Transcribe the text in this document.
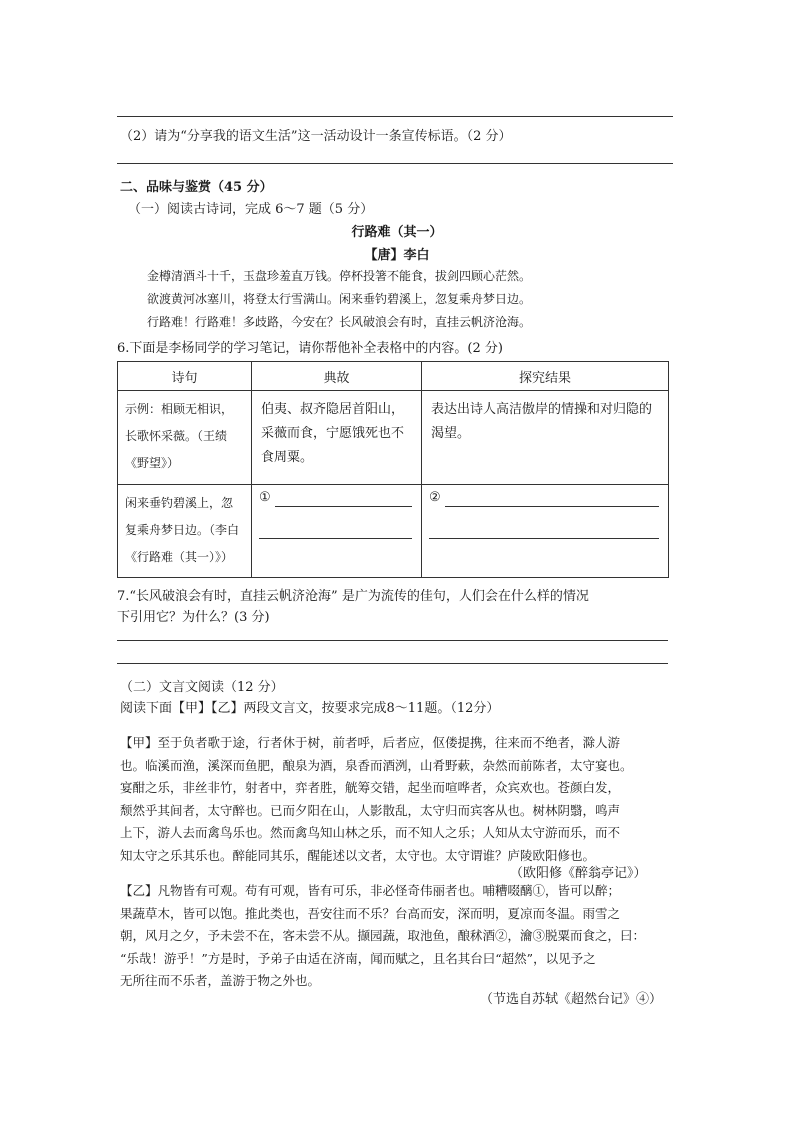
（2）请为“分享我的语文生活”这一活动设计一条宣传标语。（2 分）
二、品味与鉴赏（45 分）
（一）阅读古诗词，完成 6～7 题（5 分）
行路难（其一）
【唐】李白
金樽清酒斗十千，玉盘珍羞直万钱。停杯投箸不能食，拔剑四顾心茫然。
欲渡黄河冰塞川，将登太行雪满山。闲来垂钓碧溪上，忽复乘舟梦日边。
行路难！行路难！多歧路，今安在？长风破浪会有时，直挂云帆济沧海。
6.下面是李杨同学的学习笔记，请你帮他补全表格中的内容。(2 分)
诗句	典故	探究结果

示例：相顾无相识，长歌怀采薇。（王绩《野望》）	伯夷、叔齐隐居首阳山，采薇而食，宁愿饿死也不食周粟。	表达出诗人高洁傲岸的情操和对归隐的渴望。

闲来垂钓碧溪上，忽复乘舟梦日边。（李白《行路难（其一）》）	①	②
7.“长风破浪会有时，直挂云帆济沧海” 是广为流传的佳句，人们会在什么样的情况
下引用它？为什么？(3 分)
（二）文言文阅读（12 分）
阅读下面【甲】【乙】两段文言文，按要求完成8～11题。（12分）
【甲】至于负者歌于途，行者休于树，前者呼，后者应，伛偻提携，往来而不绝者，滁人游
也。临溪而渔，溪深而鱼肥，酿泉为酒，泉香而酒洌，山肴野蔌，杂然而前陈者，太守宴也。
宴酣之乐，非丝非竹，射者中，弈者胜，觥筹交错，起坐而喧哗者，众宾欢也。苍颜白发，
颓然乎其间者，太守醉也。已而夕阳在山，人影散乱，太守归而宾客从也。树林阴翳，鸣声
上下，游人去而禽鸟乐也。然而禽鸟知山林之乐，而不知人之乐；人知从太守游而乐，而不
知太守之乐其乐也。醉能同其乐，醒能述以文者，太守也。太守谓谁？庐陵欧阳修也。
（欧阳修《醉翁亭记》）
【乙】凡物皆有可观。苟有可观，皆有可乐，非必怪奇伟丽者也。哺糟啜醨①，皆可以醉；
果蔬草木，皆可以饱。推此类也，吾安往而不乐？台高而安，深而明，夏凉而冬温。雨雪之
朝，风月之夕，予未尝不在，客未尝不从。撷园蔬，取池鱼，酿秫酒②，瀹③脱粟而食之，曰：
“乐哉！游乎！”方是时，予弟子由适在济南，闻而赋之，且名其台曰“超然”，以见予之
无所往而不乐者，盖游于物之外也。
（节选自苏轼《超然台记》④）
